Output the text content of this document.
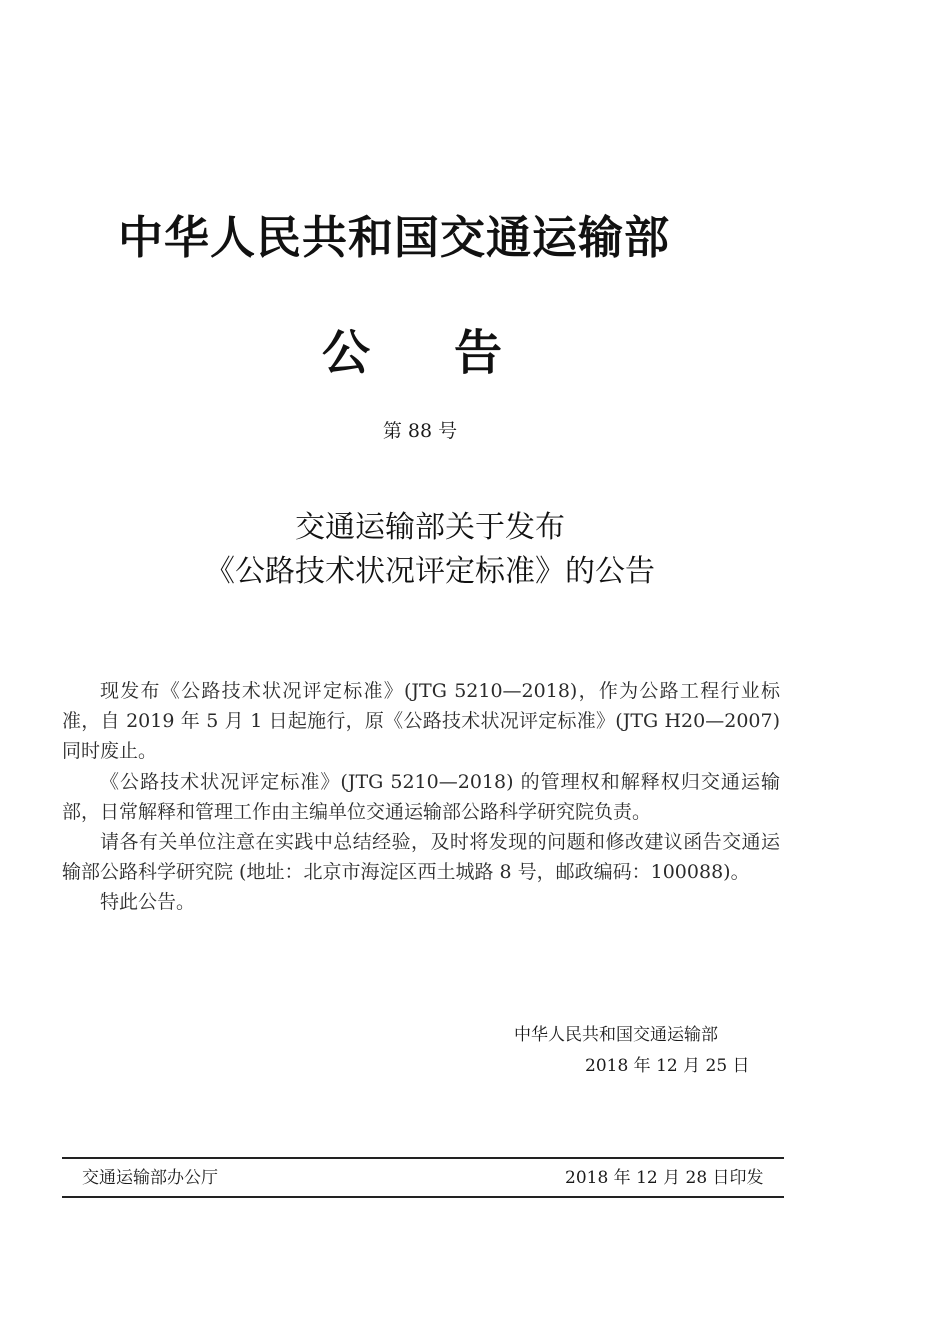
中华人民共和国交通运输部
公 告
第 88 号
交通运输部关于发布
《公路技术状况评定标准》的公告

现发布《公路技术状况评定标准》(JTG 5210—2018)，作为公路工程行业标准，自 2019 年 5 月 1 日起施行，原《公路技术状况评定标准》(JTG H20—2007) 同时废止。

《公路技术状况评定标准》(JTG 5210—2018) 的管理权和解释权归交通运输部，日常解释和管理工作由主编单位交通运输部公路科学研究院负责。

请各有关单位注意在实践中总结经验，及时将发现的问题和修改建议函告交通运输部公路科学研究院 (地址：北京市海淀区西土城路 8 号，邮政编码：100088)。

特此公告。

中华人民共和国交通运输部
2018 年 12 月 25 日
交通运输部办公厅	2018 年 12 月 28 日印发
